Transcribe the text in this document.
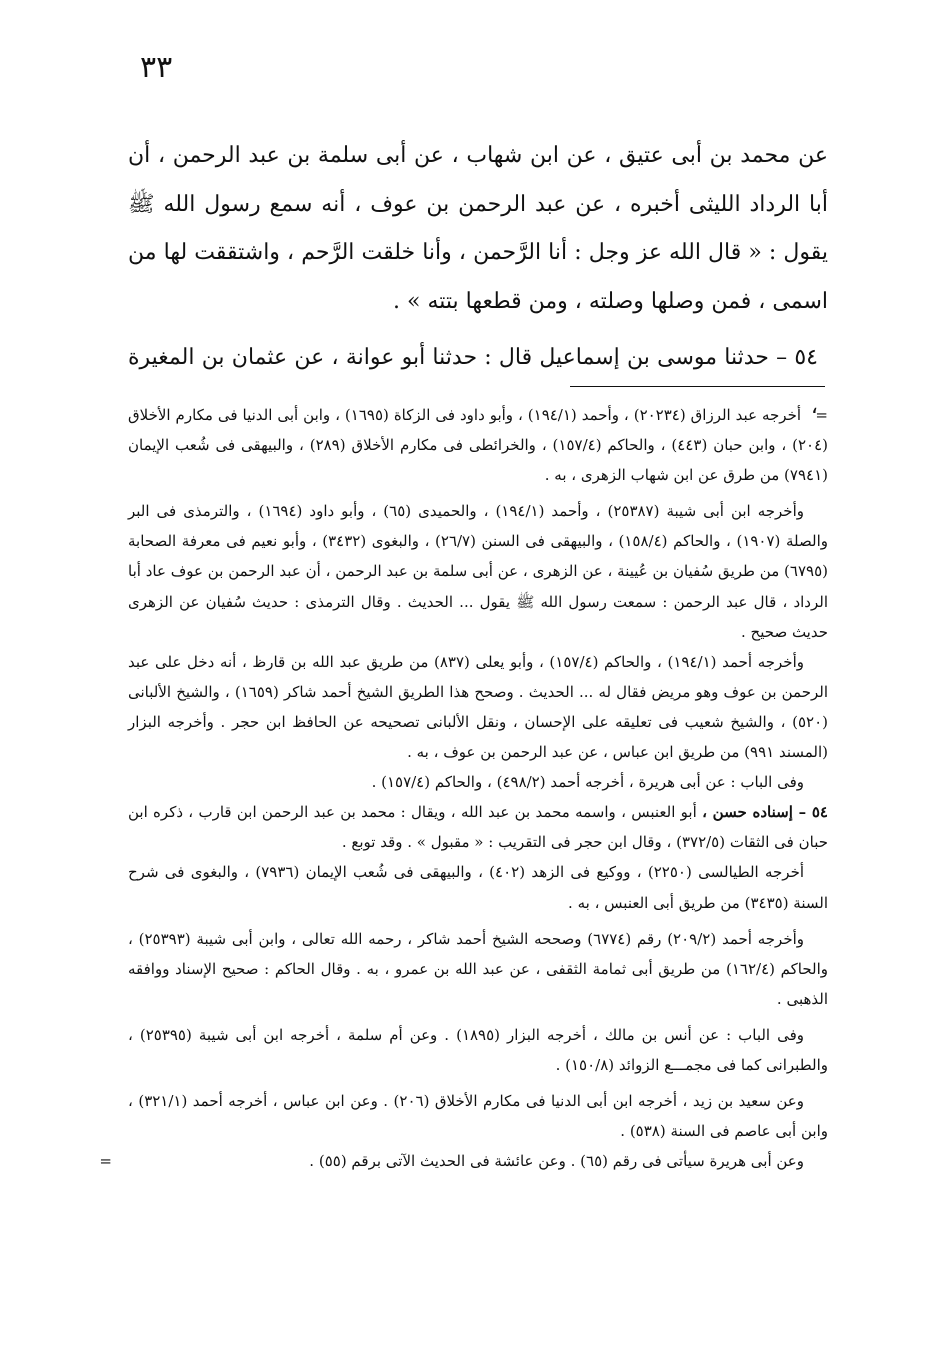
٣٣

عن محمد بن أبى عتيق ، عن ابن شهاب ، عن أبى سلمة بن عبد الرحمن ، أن أبا الرداد الليثى أخبره ، عن عبد الرحمن بن عوف ، أنه سمع رسول الله ﷺ يقول : « قال الله عز وجل : أنا الرَّحمن ، وأنا خلقت الرَّحم ، واشتققت لها من اسمى ، فمن وصلها وصلته ، ومن قطعها بتته » .

٥٤ – حدثنا موسى بن إسماعيل قال : حدثنا أبو عوانة ، عن عثمان بن المغيرة ،

= أخرجه عبد الرزاق (٢٠٢٣٤) ، وأحمد (١٩٤/١) ، وأبو داود فى الزكاة (١٦٩٥) ، وابن أبى الدنيا فى مكارم الأخلاق (٢٠٤) ، وابن حبان (٤٤٣) ، والحاكم (١٥٧/٤) ، والخرائطى فى مكارم الأخلاق (٢٨٩) ، والبيهقى فى شُعب الإيمان (٧٩٤١) من طرق عن ابن شهاب الزهرى ، به .

وأخرجه ابن أبى شيبة (٢٥٣٨٧) ، وأحمد (١٩٤/١) ، والحميدى (٦٥) ، وأبو داود (١٦٩٤) ، والترمذى فى البر والصلة (١٩٠٧) ، والحاكم (١٥٨/٤) ، والبيهقى فى السنن (٢٦/٧) ، والبغوى (٣٤٣٢) ، وأبو نعيم فى معرفة الصحابة (٦٧٩٥) من طريق سُفيان بن عُيينة ، عن الزهرى ، عن أبى سلمة بن عبد الرحمن ، أن عبد الرحمن بن عوف عاد أبا الرداد ، قال عبد الرحمن : سمعت رسول الله ﷺ يقول ... الحديث . وقال الترمذى : حديث سُفيان عن الزهرى حديث صحيح .

وأخرجه أحمد (١٩٤/١) ، والحاكم (١٥٧/٤) ، وأبو يعلى (٨٣٧) من طريق عبد الله بن قارظ ، أنه دخل على عبد الرحمن بن عوف وهو مريض فقال له ... الحديث . وصحح هذا الطريق الشيخ أحمد شاكر (١٦٥٩) ، والشيخ الألبانى (٥٢٠) ، والشيخ شعيب فى تعليقه على الإحسان ، ونقل الألبانى تصحيحه عن الحافظ ابن حجر . وأخرجه البزار (المسند ٩٩١) من طريق ابن عباس ، عن عبد الرحمن بن عوف ، به .

وفى الباب : عن أبى هريرة ، أخرجه أحمد (٤٩٨/٢) ، والحاكم (١٥٧/٤) .

٥٤ – إسناده حسن ، أبو العنبس ، واسمه محمد بن عبد الله ، ويقال : محمد بن عبد الرحمن ابن قارب ، ذكره ابن حبان فى الثقات (٣٧٢/٥) ، وقال ابن حجر فى التقريب : « مقبول » . وقد توبع .

أخرجه الطيالسى (٢٢٥٠) ، ووكيع فى الزهد (٤٠٢) ، والبيهقى فى شُعب الإيمان (٧٩٣٦) ، والبغوى فى شرح السنة (٣٤٣٥) من طريق أبى العنبس ، به .

وأخرجه أحمد (٢٠٩/٢) رقم (٦٧٧٤) وصححه الشيخ أحمد شاكر ، رحمه الله تعالى ، وابن أبى شيبة (٢٥٣٩٣) ، والحاكم (١٦٢/٤) من طريق أبى ثمامة الثقفى ، عن عبد الله بن عمرو ، به . وقال الحاكم : صحيح الإسناد ووافقه الذهبى .

وفى الباب : عن أنس بن مالك ، أخرجه البزار (١٨٩٥) . وعن أم سلمة ، أخرجه ابن أبى شيبة (٢٥٣٩٥) ، والطبرانى كما فى مجمـــع الزوائد (١٥٠/٨) .

وعن سعيد بن زيد ، أخرجه ابن أبى الدنيا فى مكارم الأخلاق (٢٠٦) . وعن ابن عباس ، أخرجه أحمد (٣٢١/١) ، وابن أبى عاصم فى السنة (٥٣٨) .

وعن أبى هريرة سيأتى فى رقم (٦٥) . وعن عائشة فى الحديث الآتى برقم (٥٥) .
=
